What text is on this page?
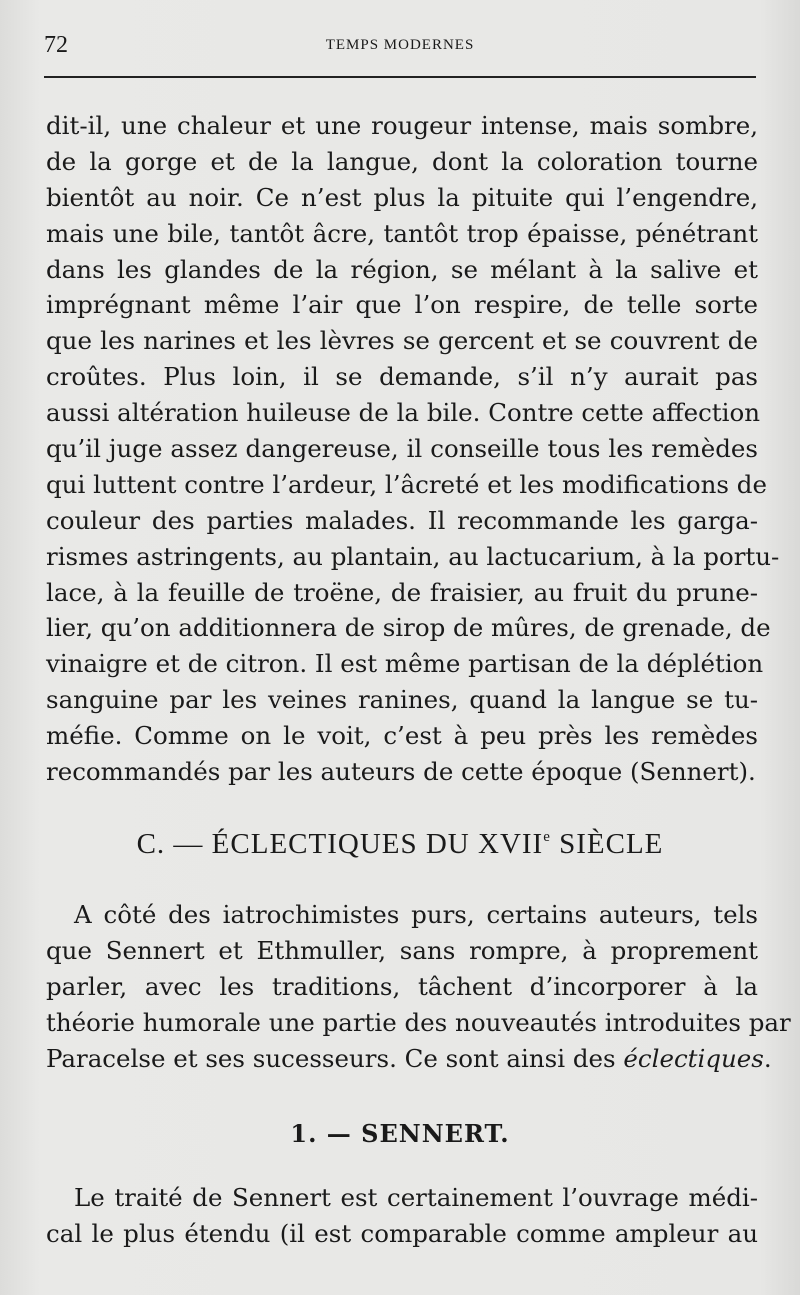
72	TEMPS MODERNES
dit-il, une chaleur et une rougeur intense, mais sombre,
de la gorge et de la langue, dont la coloration tourne
bientôt au noir. Ce n’est plus la pituite qui l’engendre,
mais une bile, tantôt âcre, tantôt trop épaisse, pénétrant
dans les glandes de la région, se mélant à la salive et
imprégnant même l’air que l’on respire, de telle sorte
que les narines et les lèvres se gercent et se couvrent de
croûtes. Plus loin, il se demande, s’il n’y aurait pas
aussi altération huileuse de la bile. Contre cette affection
qu’il juge assez dangereuse, il conseille tous les remèdes
qui luttent contre l’ardeur, l’âcreté et les modifications de
couleur des parties malades. Il recommande les garga-
rismes astringents, au plantain, au lactucarium, à la portu-
lace, à la feuille de troëne, de fraisier, au fruit du prune-
lier, qu’on additionnera de sirop de mûres, de grenade, de
vinaigre et de citron. Il est même partisan de la déplétion
sanguine par les veines ranines, quand la langue se tu-
méfie. Comme on le voit, c’est à peu près les remèdes
recommandés par les auteurs de cette époque (Sennert).
C. — ÉCLECTIQUES DU XVIIe SIÈCLE
A côté des iatrochimistes purs, certains auteurs, tels
que Sennert et Ethmuller, sans rompre, à proprement
parler, avec les traditions, tâchent d’incorporer à la
théorie humorale une partie des nouveautés introduites par
Paracelse et ses sucesseurs. Ce sont ainsi des éclectiques.
1. — SENNERT.
Le traité de Sennert est certainement l’ouvrage médi-
cal le plus étendu (il est comparable comme ampleur au
